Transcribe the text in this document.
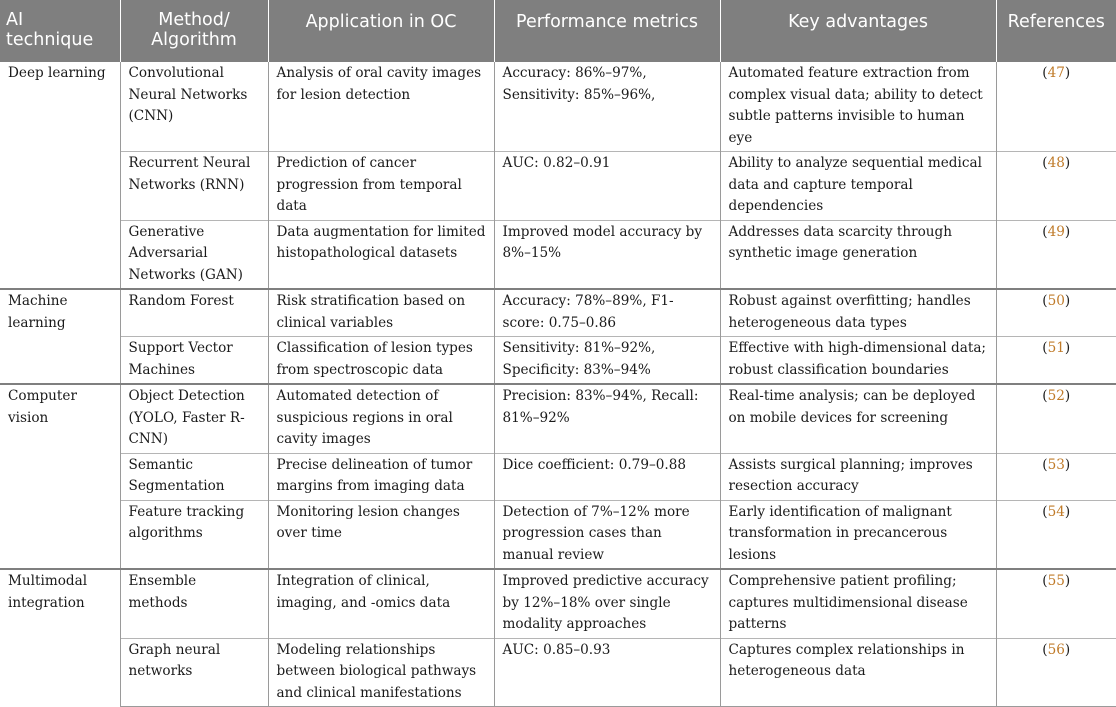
AI technique	Method/ Algorithm	Application in OC	Performance metrics	Key advantages	References
Deep learning	Convolutional Neural Networks (CNN)	Analysis of oral cavity images for lesion detection	Accuracy: 86%–97%, Sensitivity: 85%–96%,	Automated feature extraction from complex visual data; ability to detect subtle patterns invisible to human eye	(47)
	Recurrent Neural Networks (RNN)	Prediction of cancer progression from temporal data	AUC: 0.82–0.91	Ability to analyze sequential medical data and capture temporal dependencies	(48)
	Generative Adversarial Networks (GAN)	Data augmentation for limited histopathological datasets	Improved model accuracy by 8%–15%	Addresses data scarcity through synthetic image generation	(49)
Machine learning	Random Forest	Risk stratification based on clinical variables	Accuracy: 78%–89%, F1-score: 0.75–0.86	Robust against overfitting; handles heterogeneous data types	(50)
	Support Vector Machines	Classification of lesion types from spectroscopic data	Sensitivity: 81%–92%, Specificity: 83%–94%	Effective with high-dimensional data; robust classification boundaries	(51)
Computer vision	Object Detection (YOLO, Faster R-CNN)	Automated detection of suspicious regions in oral cavity images	Precision: 83%–94%, Recall: 81%–92%	Real-time analysis; can be deployed on mobile devices for screening	(52)
	Semantic Segmentation	Precise delineation of tumor margins from imaging data	Dice coefficient: 0.79–0.88	Assists surgical planning; improves resection accuracy	(53)
	Feature tracking algorithms	Monitoring lesion changes over time	Detection of 7%–12% more progression cases than manual review	Early identification of malignant transformation in precancerous lesions	(54)
Multimodal integration	Ensemble methods	Integration of clinical, imaging, and -omics data	Improved predictive accuracy by 12%–18% over single modality approaches	Comprehensive patient profiling; captures multidimensional disease patterns	(55)
	Graph neural networks	Modeling relationships between biological pathways and clinical manifestations	AUC: 0.85–0.93	Captures complex relationships in heterogeneous data	(56)
